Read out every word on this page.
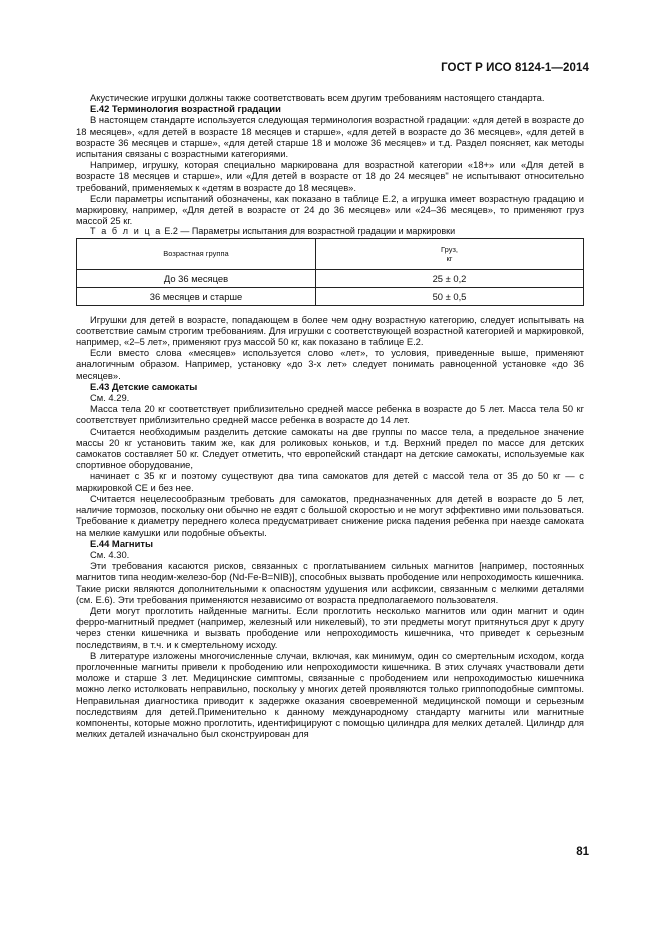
ГОСТ Р ИСО 8124-1—2014

Акустические игрушки должны также соответствовать всем другим требованиям настоящего стандарта.

Е.42 Терминология возрастной градации

В настоящем стандарте используется следующая терминология возрастной градации: «для детей в возрасте до 18 месяцев», «для детей в возрасте 18 месяцев и старше», «для детей в возрасте до 36 месяцев», «для детей в возрасте 36 месяцев и старше», «для детей старше 18 и моложе 36 месяцев» и т.д. Раздел поясняет, как методы испытания связаны с возрастными категориями.

Например, игрушку, которая специально маркирована для возрастной категории «18+» или «Для детей в возрасте 18 месяцев и старше», или «Для детей в возрасте от 18 до 24 месяцев" не испытывают относительно требований, применяемых к «детям в возрасте до 18 месяцев».

Если параметры испытаний обозначены, как показано в таблице Е.2, а игрушка имеет возрастную градацию и маркировку, например, «Для детей в возрасте от 24 до 36 месяцев» или «24–36 месяцев», то применяют груз массой 25 кг.

Т а б л и ц а Е.2 — Параметры испытания для возрастной градации и маркировки

Возрастная группа	Груз,
кг
До 36 месяцев	25 ± 0,2
36 месяцев и старше	50 ± 0,5

Игрушки для детей в возрасте, попадающем в более чем одну возрастную категорию, следует испытывать на соответствие самым строгим требованиям. Для игрушки с соответствующей возрастной категорией и маркировкой, например, «2–5 лет», применяют груз массой 50 кг, как показано в таблице Е.2.

Если вместо слова «месяцев» используется слово «лет», то условия, приведенные выше, применяют аналогичным образом. Например, установку «до 3-х лет» следует понимать равноценной установке «до 36 месяцев».

Е.43 Детские самокаты

См. 4.29.

Масса тела 20 кг соответствует приблизительно средней массе ребенка в возрасте до 5 лет. Масса тела 50 кг соответствует приблизительно средней массе ребенка в возрасте до 14 лет.

Считается необходимым разделить детские самокаты на две группы по массе тела, а предельное значение массы 20 кг установить таким же, как для роликовых коньков, и т.д. Верхний предел по массе для детских самокатов составляет 50 кг. Следует отметить, что европейский стандарт на детские самокаты, используемые как спортивное оборудование,

начинает с 35 кг и поэтому существуют два типа самокатов для детей с массой тела от 35 до 50 кг — с маркировкой CE и без нее.

Считается нецелесообразным требовать для самокатов, предназначенных для детей в возрасте до 5 лет, наличие тормозов, поскольку они обычно не ездят с большой скоростью и не могут эффективно ими пользоваться. Требование к диаметру переднего колеса предусматривает снижение риска падения ребенка при наезде самоката на мелкие камушки или подобные объекты.

Е.44 Магниты

См. 4.30.

Эти требования касаются рисков, связанных с проглатыванием сильных магнитов [например, постоянных магнитов типа неодим-железо-бор (Nd-Fe-B=NIB)], способных вызвать прободение или непроходимость кишечника. Такие риски являются дополнительными к опасностям удушения или асфиксии, связанным с мелкими деталями (см. Е.6). Эти требования применяются независимо от возраста предполагаемого пользователя.

Дети могут проглотить найденные магниты. Если проглотить несколько магнитов или один магнит и один ферро-магнитный предмет (например, железный или никелевый), то эти предметы могут притянуться друг к другу через стенки кишечника и вызвать прободение или непроходимость кишечника, что приведет к серьезным последствиям, в т.ч. и к смертельному исходу.

В литературе изложены многочисленные случаи, включая, как минимум, один со смертельным исходом, когда проглоченные магниты привели к прободению или непроходимости кишечника. В этих случаях участвовали дети моложе и старше 3 лет. Медицинские симптомы, связанные с прободением или непроходимостью кишечника можно легко истолковать неправильно, поскольку у многих детей проявляются только гриппоподобные симптомы. Неправильная диагностика приводит к задержке оказания своевременной медицинской помощи и серьезным последствиям для детей.Применительно к данному международному стандарту магниты или магнитные компоненты, которые можно проглотить, идентифицируют с помощью цилиндра для мелких деталей. Цилиндр для мелких деталей изначально был сконструирован для

81
